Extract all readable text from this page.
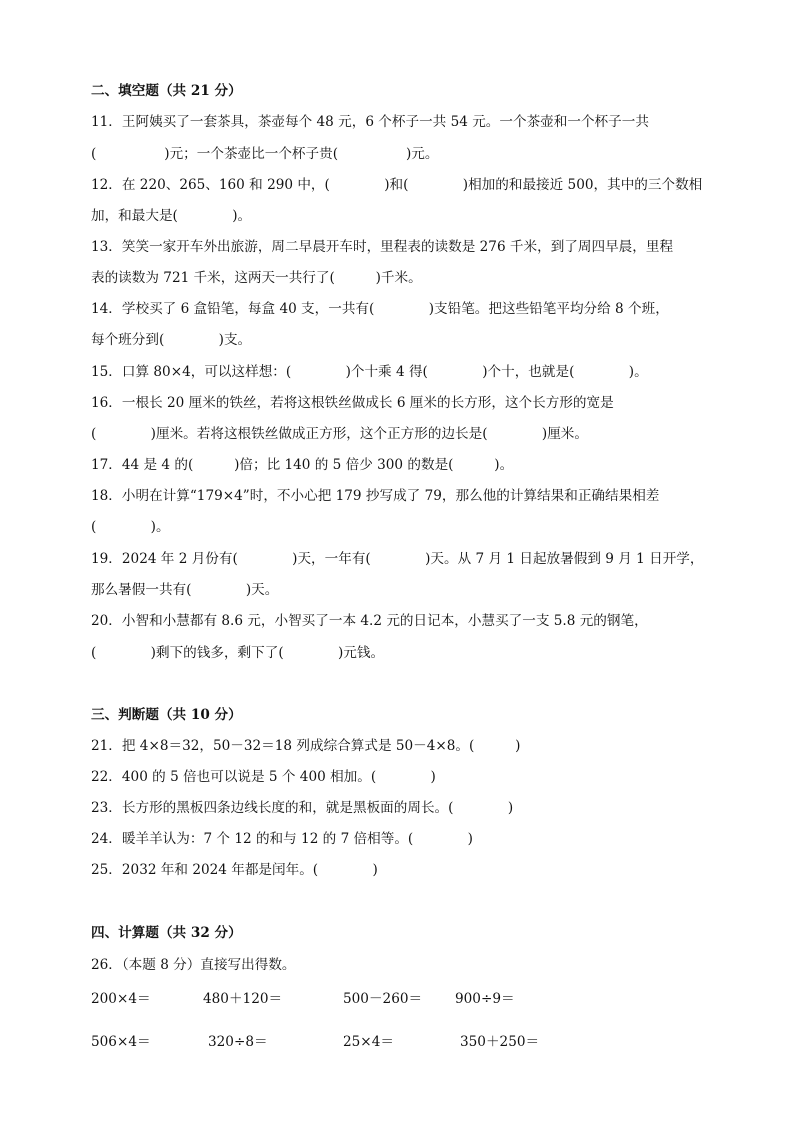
二、填空题（共 21 分）
11．王阿姨买了一套茶具，茶壶每个 48 元，6 个杯子一共 54 元。一个茶壶和一个杯子一共
(　　　　　)元；一个茶壶比一个杯子贵(　　　　　)元。
12．在 220、265、160 和 290 中，(　　　　)和(　　　　)相加的和最接近 500，其中的三个数相
加，和最大是(　　　　)。
13．笑笑一家开车外出旅游，周二早晨开车时，里程表的读数是 276 千米，到了周四早晨，里程
表的读数为 721 千米，这两天一共行了(　　　)千米。
14．学校买了 6 盒铅笔，每盒 40 支，一共有(　　　　)支铅笔。把这些铅笔平均分给 8 个班，
每个班分到(　　　　)支。
15．口算 80×4，可以这样想：(　　　　)个十乘 4 得(　　　　)个十，也就是(　　　　)。
16．一根长 20 厘米的铁丝，若将这根铁丝做成长 6 厘米的长方形，这个长方形的宽是
(　　　　)厘米。若将这根铁丝做成正方形，这个正方形的边长是(　　　　)厘米。
17．44 是 4 的(　　　)倍；比 140 的 5 倍少 300 的数是(　　　)。
18．小明在计算“179×4”时，不小心把 179 抄写成了 79，那么他的计算结果和正确结果相差
(　　　　)。
19．2024 年 2 月份有(　　　　)天，一年有(　　　　)天。从 7 月 1 日起放暑假到 9 月 1 日开学，
那么暑假一共有(　　　　)天。
20．小智和小慧都有 8.6 元，小智买了一本 4.2 元的日记本，小慧买了一支 5.8 元的钢笔，
(　　　　)剩下的钱多，剩下了(　　　　)元钱。
三、判断题（共 10 分）
21．把 4×8＝32，50－32＝18 列成综合算式是 50－4×8。(　　　)
22．400 的 5 倍也可以说是 5 个 400 相加。(　　　　)
23．长方形的黑板四条边线长度的和，就是黑板面的周长。(　　　　)
24．暖羊羊认为：7 个 12 的和与 12 的 7 倍相等。(　　　　)
25．2032 年和 2024 年都是闰年。(　　　　)
四、计算题（共 32 分）
26．（本题 8 分）直接写出得数。
200×4＝	480＋120＝	500－260＝ 900÷9＝
506×4＝	320÷8＝	25×4＝	350＋250＝
